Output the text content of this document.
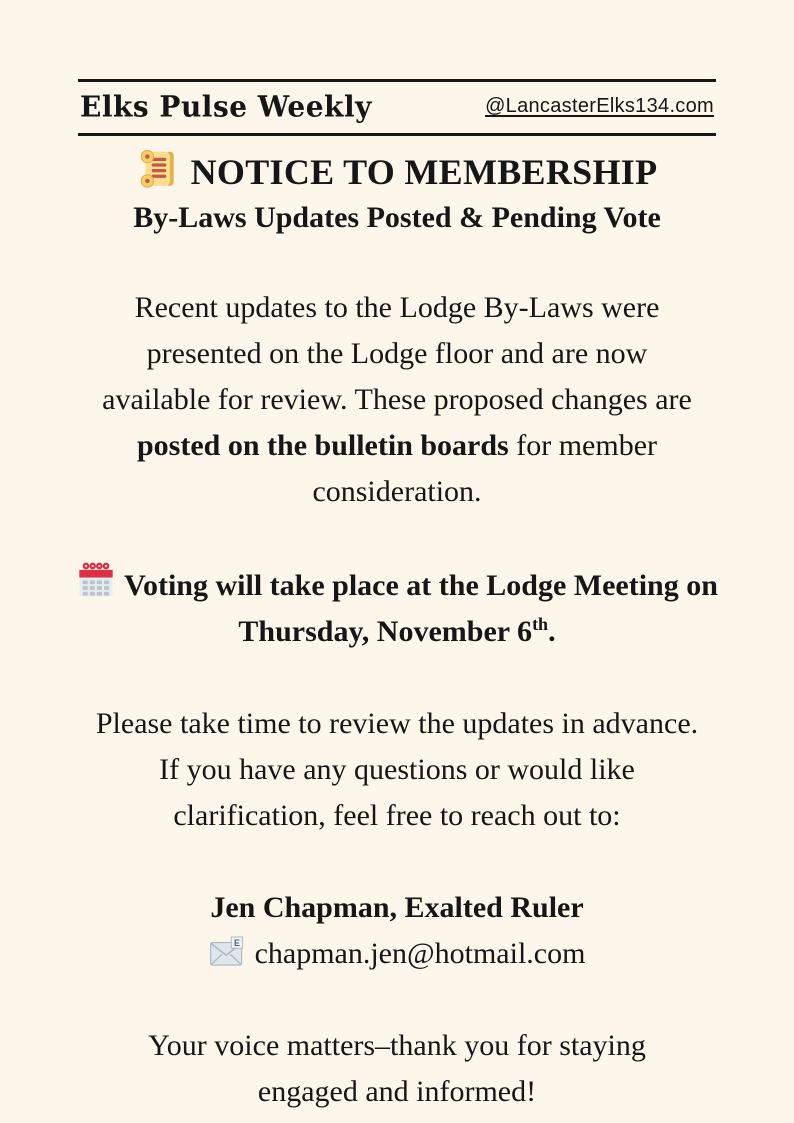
Elks Pulse Weekly	@LancasterElks134.com
NOTICE TO MEMBERSHIP
By-Laws Updates Posted & Pending Vote

Recent updates to the Lodge By-Laws were
presented on the Lodge floor and are now
available for review. These proposed changes are
posted on the bulletin boards for member
consideration.

Voting will take place at the Lodge Meeting on
Thursday, November 6th.

Please take time to review the updates in advance.
If you have any questions or would like
clarification, feel free to reach out to:

Jen Chapman, Exalted Ruler
E chapman.jen@hotmail.com

Your voice matters–thank you for staying
engaged and informed!
